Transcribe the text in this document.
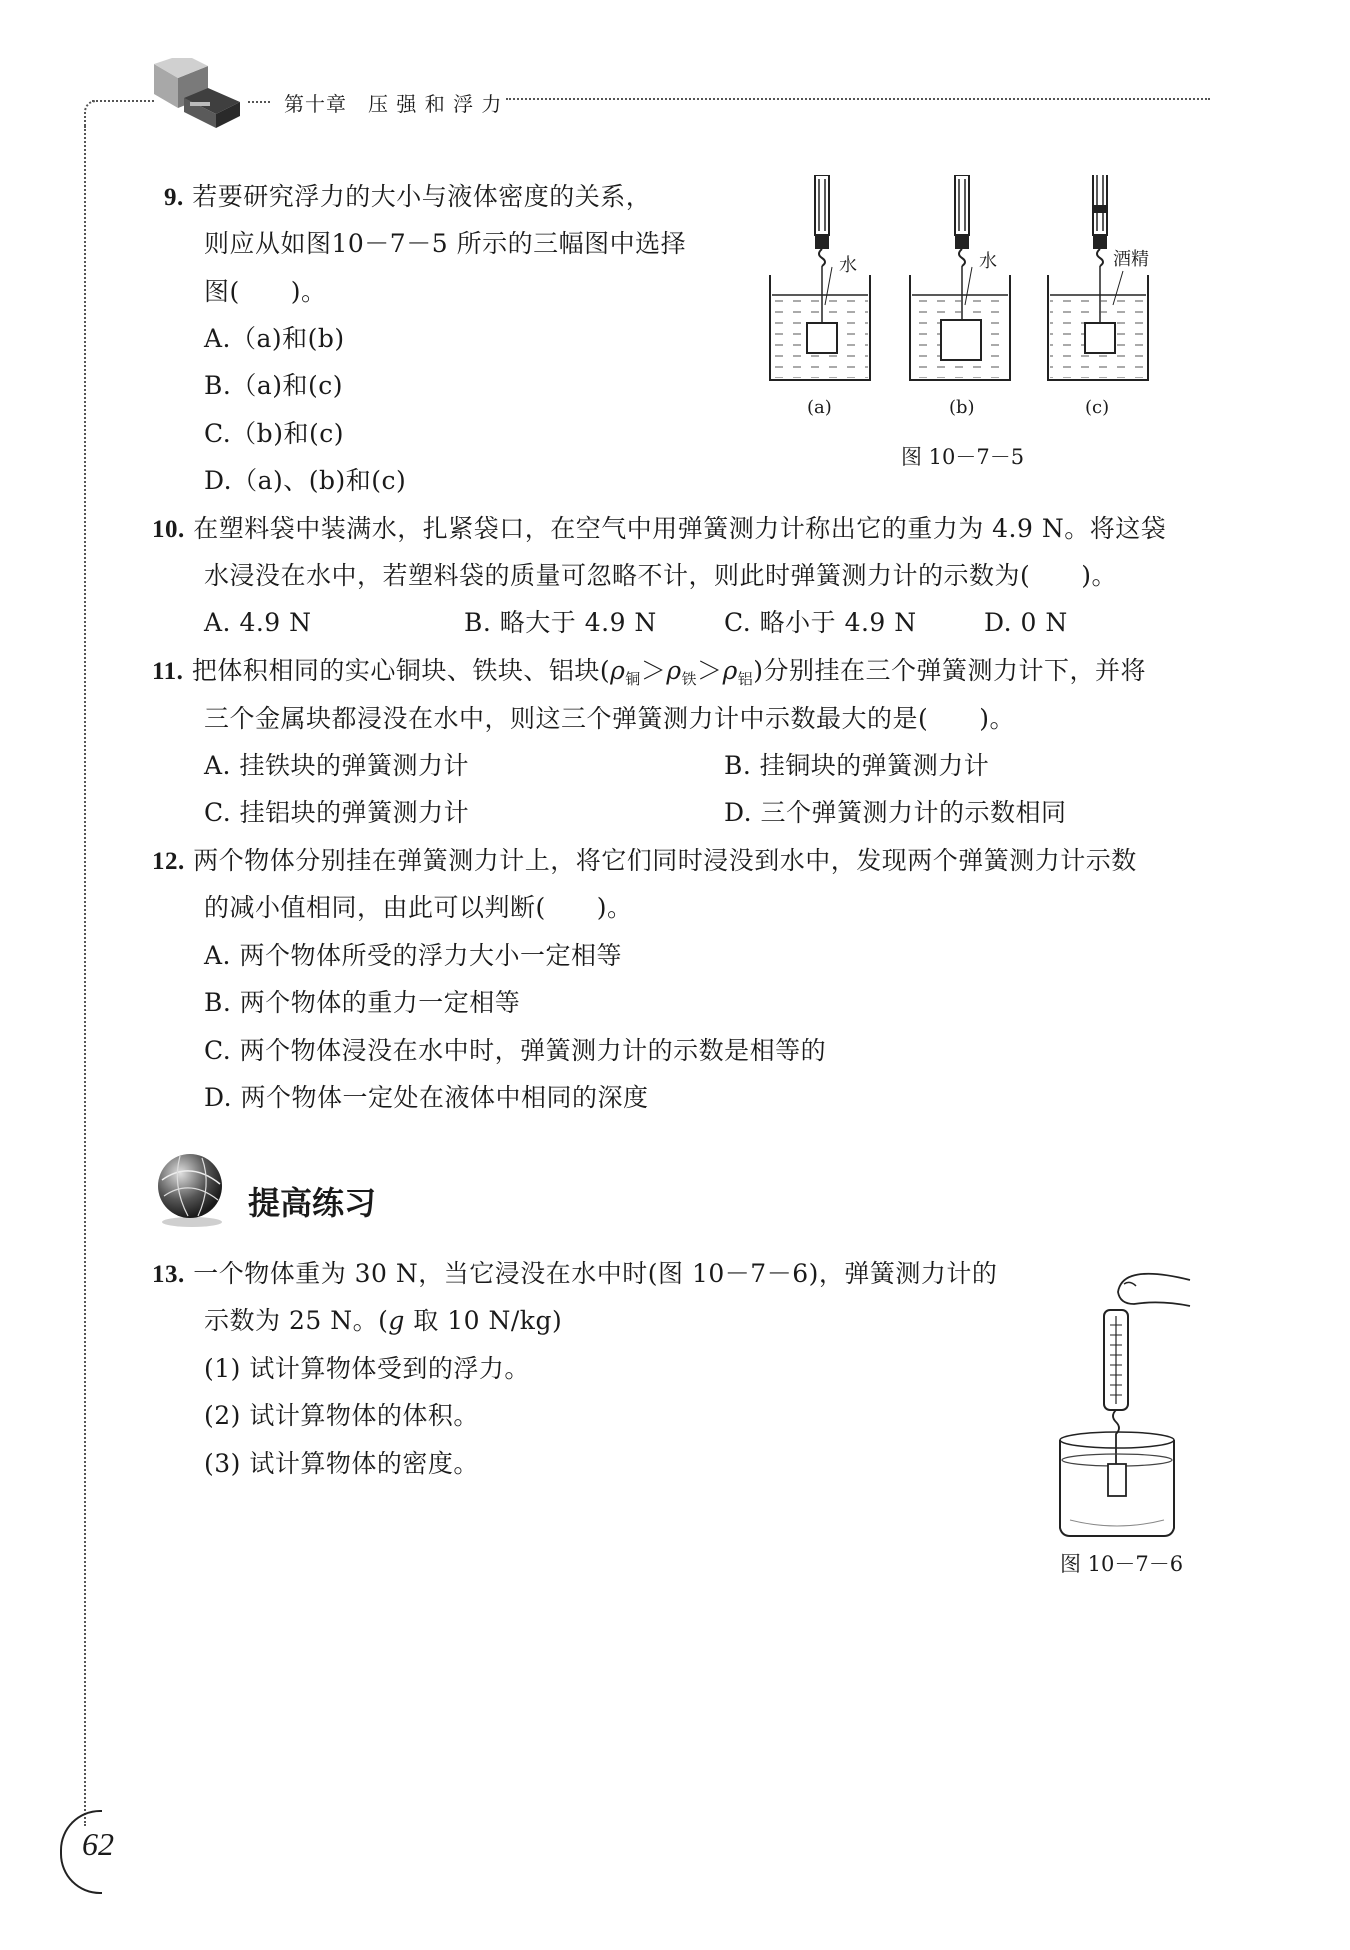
第十章　压 强 和 浮 力
9. 若要研究浮力的大小与液体密度的关系，
则应从如图10－7－5 所示的三幅图中选择
图(　　)。
A.（a)和(b)
B.（a)和(c)
C.（b)和(c)
D.（a)、(b)和(c)
水	水	酒精
(a)	(b)	(c)
图 10－7－5
10. 在塑料袋中装满水，扎紧袋口，在空气中用弹簧测力计称出它的重力为 4.9 N。将这袋
水浸没在水中，若塑料袋的质量可忽略不计，则此时弹簧测力计的示数为(　　)。
A. 4.9 N	B. 略大于 4.9 N	C. 略小于 4.9 N	D. 0 N
11. 把体积相同的实心铜块、铁块、铝块$(\rho_铜>\rho_铁>\rho_铝)$分别挂在三个弹簧测力计下，并将
三个金属块都浸没在水中，则这三个弹簧测力计中示数最大的是(　　)。
A. 挂铁块的弹簧测力计	B. 挂铜块的弹簧测力计
C. 挂铝块的弹簧测力计	D. 三个弹簧测力计的示数相同
12. 两个物体分别挂在弹簧测力计上，将它们同时浸没到水中，发现两个弹簧测力计示数
的减小值相同，由此可以判断(　　)。
A. 两个物体所受的浮力大小一定相等
B. 两个物体的重力一定相等
C. 两个物体浸没在水中时，弹簧测力计的示数是相等的
D. 两个物体一定处在液体中相同的深度
提高练习
13. 一个物体重为 30 N，当它浸没在水中时(图 10－7－6)，弹簧测力计的
示数为 25 N。(g 取 10 N/kg)
(1) 试计算物体受到的浮力。
(2) 试计算物体的体积。
(3) 试计算物体的密度。
图 10－7－6
62
